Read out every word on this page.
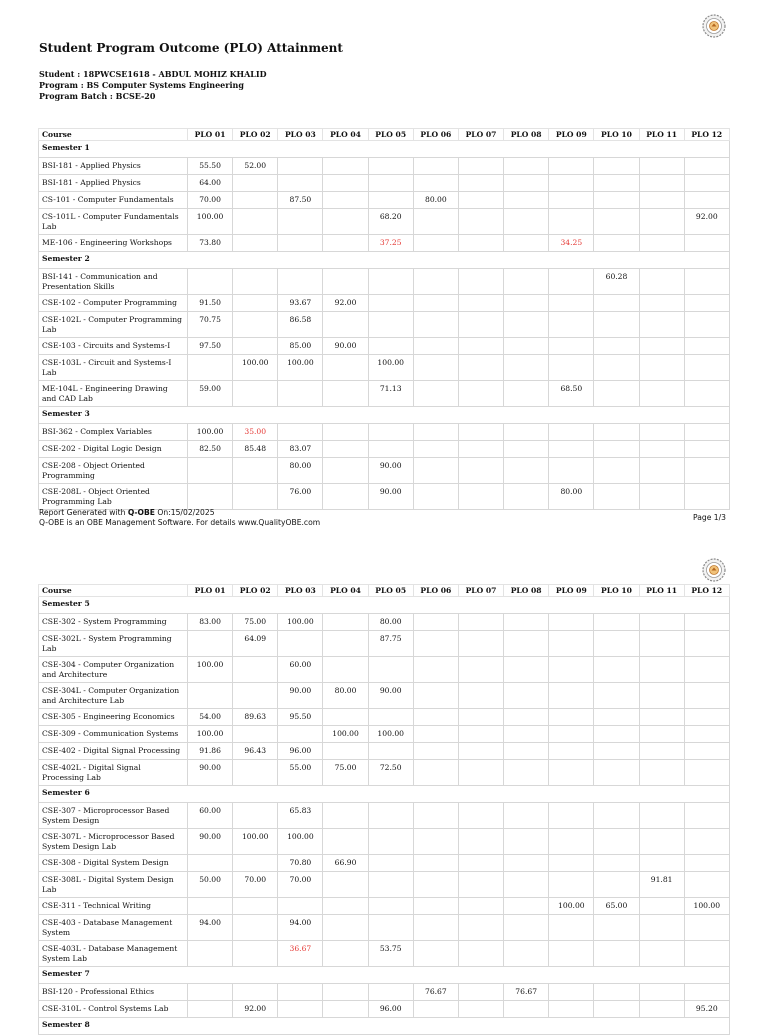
Student Program Outcome (PLO) Attainment
Student : 18PWCSE1618 - ABDUL MOHIZ KHALID
Program : BS Computer Systems Engineering
Program Batch : BCSE-20
Course	PLO 01	PLO 02	PLO 03	PLO 04	PLO 05	PLO 06	PLO 07	PLO 08	PLO 09	PLO 10	PLO 11	PLO 12
Semester 1												
BSI-181 - Applied Physics	55.50	52.00										
BSI-181 - Applied Physics	64.00											
CS-101 - Computer Fundamentals	70.00		87.50			80.00						
CS-101L - Computer Fundamentals Lab	100.00				68.20							92.00
ME-106 - Engineering Workshops	73.80				37.25				34.25			
Semester 2												
BSI-141 - Communication and Presentation Skills										60.28		
CSE-102 - Computer Programming	91.50		93.67	92.00								
CSE-102L - Computer Programming Lab	70.75		86.58									
CSE-103 - Circuits and Systems-I	97.50		85.00	90.00								
CSE-103L - Circuit and Systems-I Lab		100.00	100.00		100.00							
ME-104L - Engineering Drawing and CAD Lab	59.00				71.13				68.50			
Semester 3												
BSI-362 - Complex Variables	100.00	35.00										
CSE-202 - Digital Logic Design	82.50	85.48	83.07									
CSE-208 - Object Oriented Programming			80.00		90.00							
CSE-208L - Object Oriented Programming Lab			76.00		90.00				80.00			
Report Generated with Q-OBE On:15/02/2025
Q-OBE is an OBE Management Software. For details www.QualityOBE.com
Page 1/3
Course	PLO 01	PLO 02	PLO 03	PLO 04	PLO 05	PLO 06	PLO 07	PLO 08	PLO 09	PLO 10	PLO 11	PLO 12
Semester 5												
CSE-302 - System Programming	83.00	75.00	100.00		80.00							
CSE-302L - System Programming Lab		64.09			87.75							
CSE-304 - Computer Organization and Architecture	100.00		60.00									
CSE-304L - Computer Organization and Architecture Lab			90.00	80.00	90.00							
CSE-305 - Engineering Economics	54.00	89.63	95.50									
CSE-309 - Communication Systems	100.00			100.00	100.00							
CSE-402 - Digital Signal Processing	91.86	96.43	96.00									
CSE-402L - Digital Signal Processing Lab	90.00		55.00	75.00	72.50							
Semester 6												
CSE-307 - Microprocessor Based System Design	60.00		65.83									
CSE-307L - Microprocessor Based System Design Lab	90.00	100.00	100.00									
CSE-308 - Digital System Design			70.80	66.90								
CSE-308L - Digital System Design Lab	50.00	70.00	70.00								91.81	
CSE-311 - Technical Writing									100.00	65.00		100.00
CSE-403 - Database Management System	94.00		94.00									
CSE-403L - Database Management System Lab			36.67		53.75							
Semester 7												
BSI-120 - Professional Ethics						76.67		76.67				
CSE-310L - Control Systems Lab		92.00			96.00							95.20
Semester 8												
